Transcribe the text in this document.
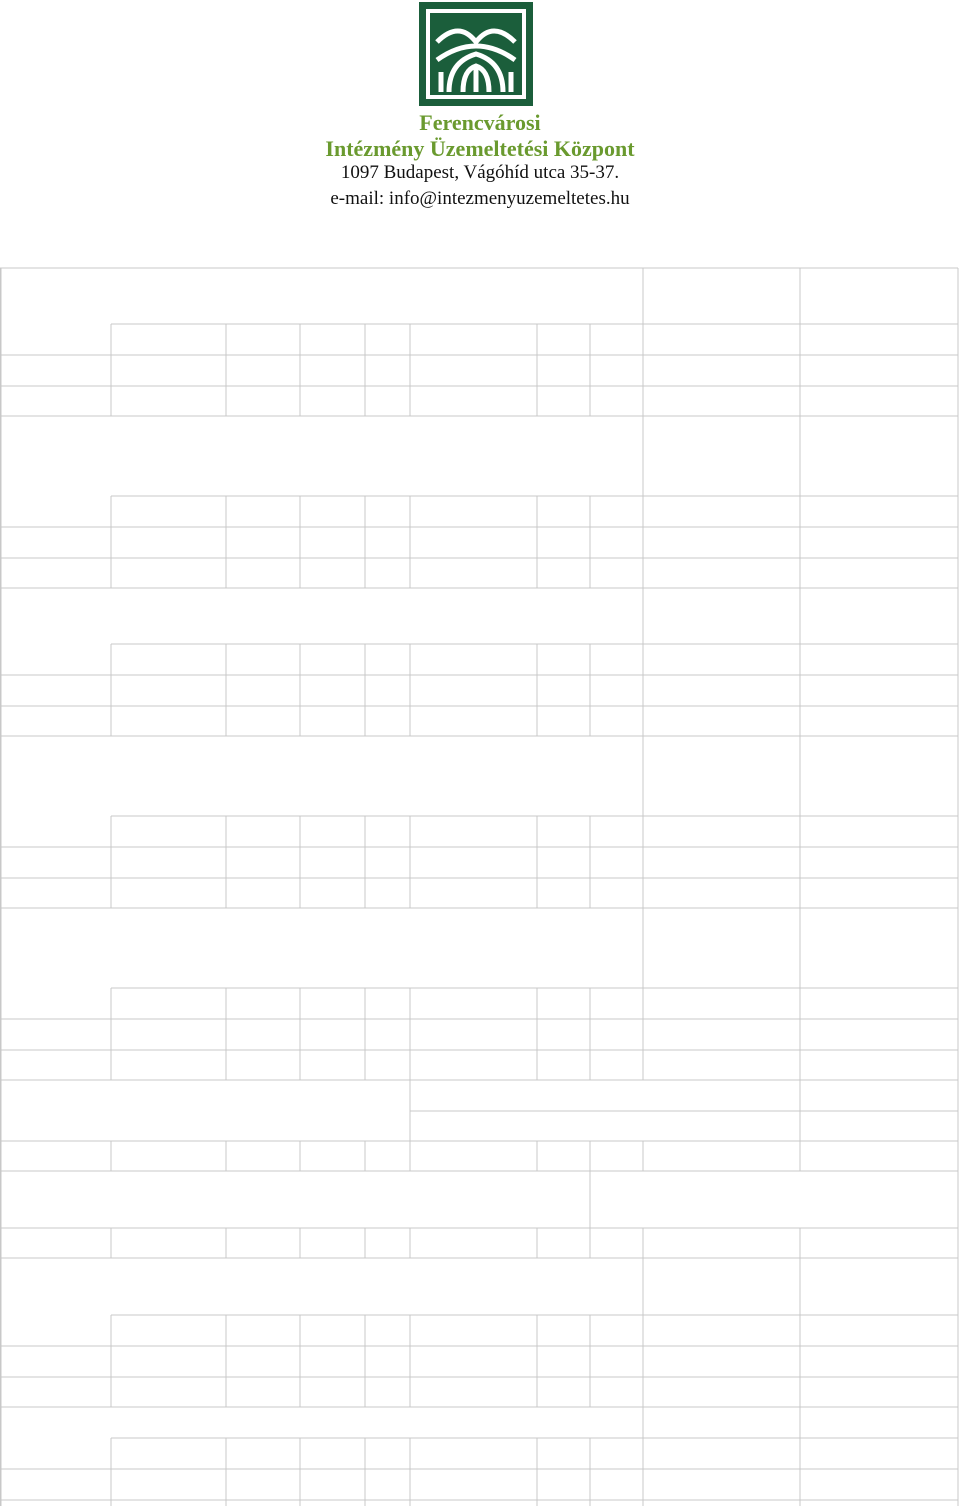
Ferencvárosi
Intézmény Üzemeltetési Központ
1097 Budapest, Vágóhíd utca 35-37.
e-mail: info@intezmenyuzemeltetes.hu
